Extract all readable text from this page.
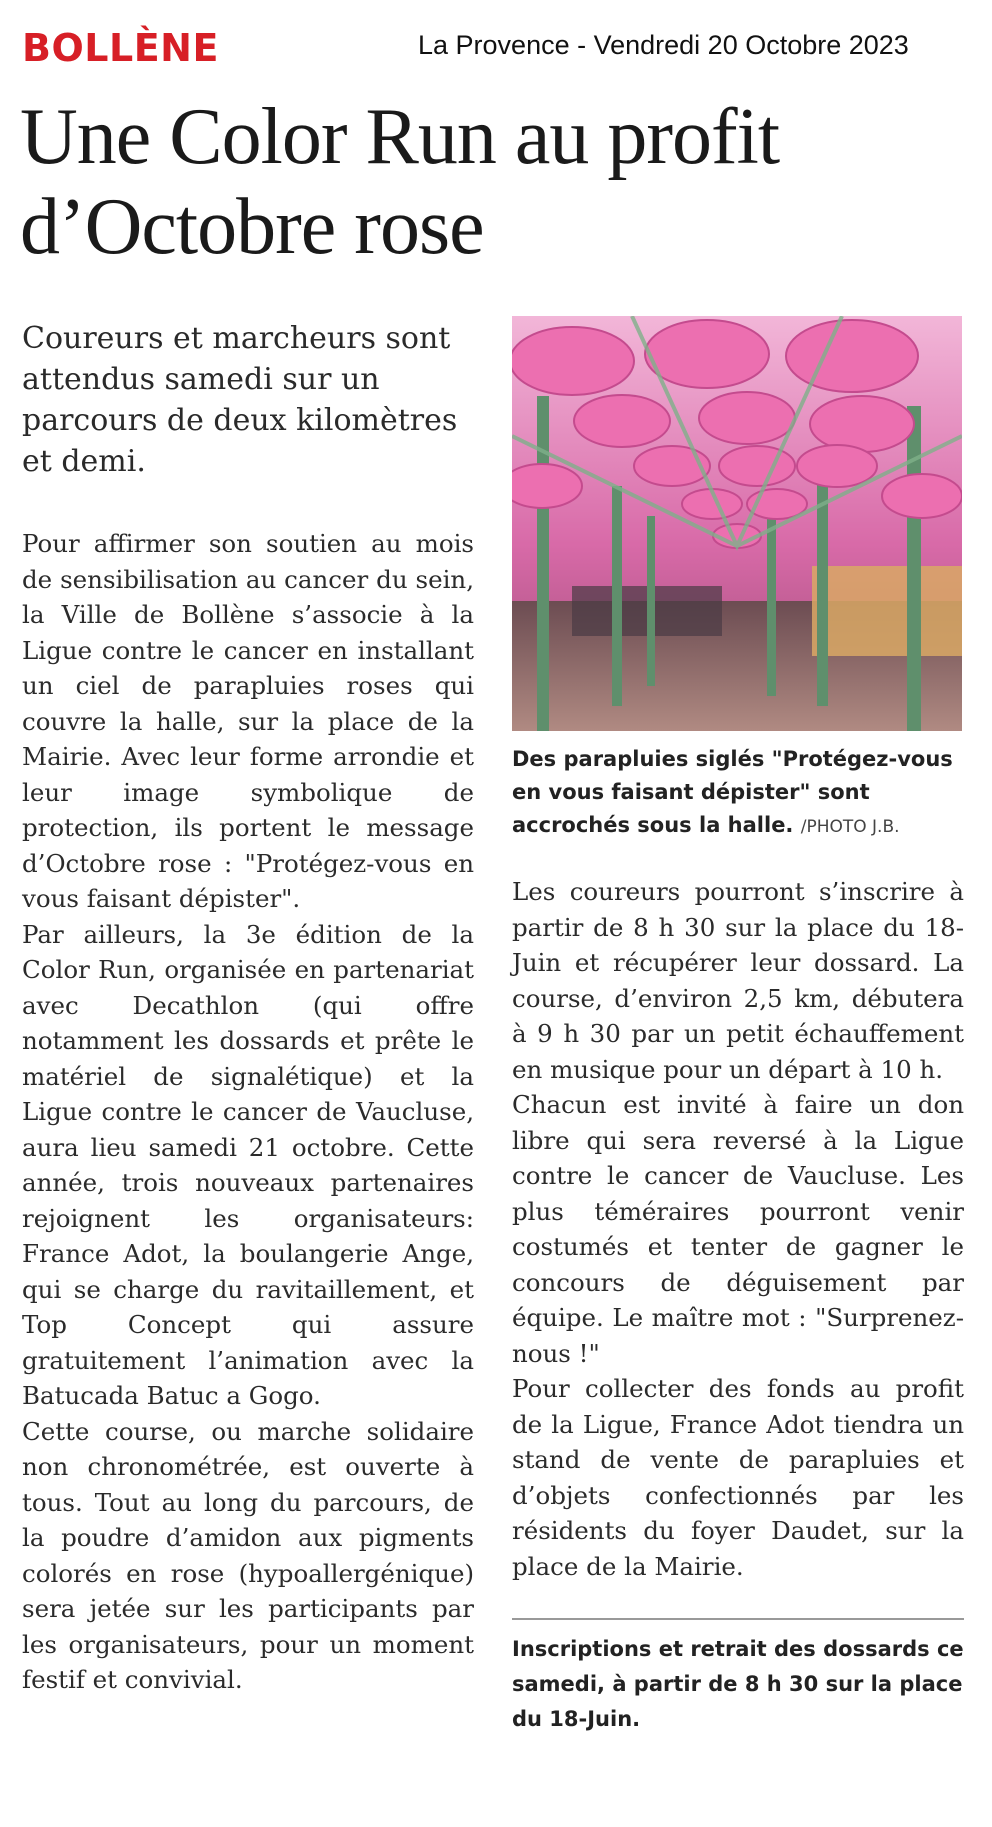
BOLLÈNE	La Provence - Vendredi 20 Octobre 2023
Une Color Run au profit d’Octobre rose

Coureurs et marcheurs sont attendus samedi sur un parcours de deux kilomètres et demi.

Pour affirmer son soutien au mois de sensibilisation au cancer du sein, la Ville de Bollène s’associe à la Ligue contre le cancer en installant un ciel de parapluies roses qui couvre la halle, sur la place de la Mairie. Avec leur forme arrondie et leur image symbolique de protection, ils portent le message d’Octobre rose : "Protégez-vous en vous faisant dépister".

Par ailleurs, la 3e édition de la Color Run, organisée en partenariat avec Decathlon (qui offre notamment les dossards et prête le matériel de signalétique) et la Ligue contre le cancer de Vaucluse, aura lieu samedi 21 octobre. Cette année, trois nouveaux partenaires rejoignent les organisateurs: France Adot, la boulangerie Ange, qui se charge du ravitaillement, et Top Concept qui assure gratuitement l’animation avec la Batucada Batuc a Gogo.

Cette course, ou marche solidaire non chronométrée, est ouverte à tous. Tout au long du parcours, de la poudre d’amidon aux pigments colorés en rose (hypoallergénique) sera jetée sur les participants par les organisateurs, pour un moment festif et convivial.

Des parapluies siglés "Protégez-vous en vous faisant dépister" sont accrochés sous la halle. /PHOTO J.B.

Les coureurs pourront s’inscrire à partir de 8 h 30 sur la place du 18-Juin et récupérer leur dossard. La course, d’environ 2,5 km, débutera à 9 h 30 par un petit échauffement en musique pour un départ à 10 h.

Chacun est invité à faire un don libre qui sera reversé à la Ligue contre le cancer de Vaucluse. Les plus téméraires pourront venir costumés et tenter de gagner le concours de déguisement par équipe. Le maître mot : "Surprenez-nous !"

Pour collecter des fonds au profit de la Ligue, France Adot tiendra un stand de vente de parapluies et d’objets confectionnés par les résidents du foyer Daudet, sur la place de la Mairie.

Inscriptions et retrait des dossards ce samedi, à partir de 8 h 30 sur la place du 18-Juin.
